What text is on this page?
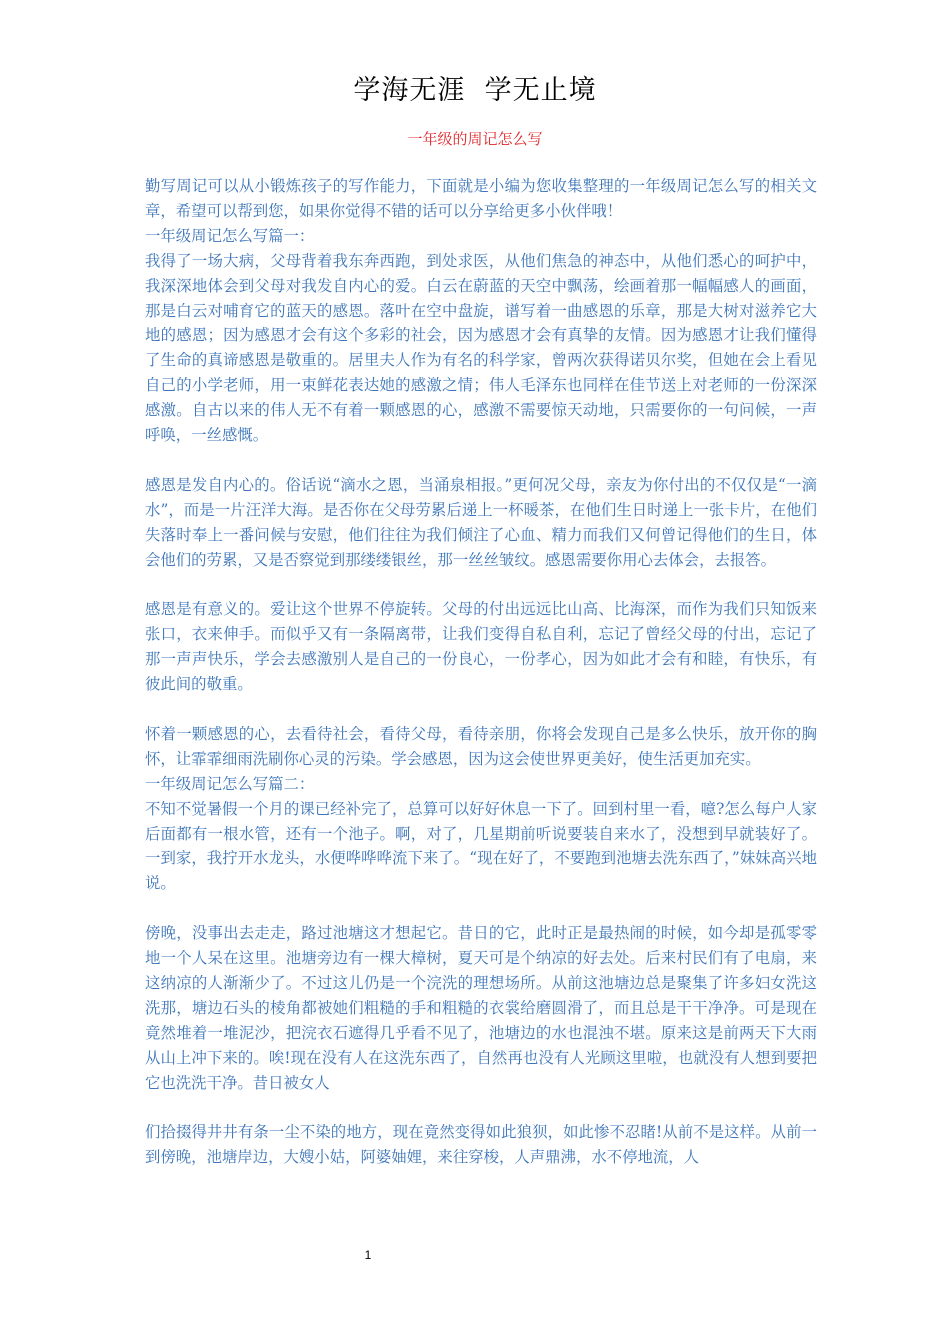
学海无涯  学无止境
一年级的周记怎么写

勤写周记可以从小锻炼孩子的写作能力，下面就是小编为您收集整理的一年级周记怎么写的相关文章，希望可以帮到您，如果你觉得不错的话可以分享给更多小伙伴哦！

一年级周记怎么写篇一：

我得了一场大病，父母背着我东奔西跑，到处求医，从他们焦急的神态中，从他们悉心的呵护中，我深深地体会到父母对我发自内心的爱。白云在蔚蓝的天空中飘荡，绘画着那一幅幅感人的画面，那是白云对哺育它的蓝天的感恩。落叶在空中盘旋，谱写着一曲感恩的乐章，那是大树对滋养它大地的感恩；因为感恩才会有这个多彩的社会，因为感恩才会有真挚的友情。因为感恩才让我们懂得了生命的真谛感恩是敬重的。居里夫人作为有名的科学家，曾两次获得诺贝尔奖，但她在会上看见自己的小学老师，用一束鲜花表达她的感激之情；伟人毛泽东也同样在佳节送上对老师的一份深深感激。自古以来的伟人无不有着一颗感恩的心，感激不需要惊天动地，只需要你的一句问候，一声呼唤，一丝感慨。

感恩是发自内心的。俗话说“滴水之恩，当涌泉相报。”更何况父母，亲友为你付出的不仅仅是“一滴水”，而是一片汪洋大海。是否你在父母劳累后递上一杯暖茶，在他们生日时递上一张卡片，在他们失落时奉上一番问候与安慰，他们往往为我们倾注了心血、精力而我们又何曾记得他们的生日，体会他们的劳累，又是否察觉到那缕缕银丝，那一丝丝皱纹。感恩需要你用心去体会，去报答。

感恩是有意义的。爱让这个世界不停旋转。父母的付出远远比山高、比海深，而作为我们只知饭来张口，衣来伸手。而似乎又有一条隔离带，让我们变得自私自利，忘记了曾经父母的付出，忘记了那一声声快乐，学会去感激别人是自己的一份良心，一份孝心，因为如此才会有和睦，有快乐，有彼此间的敬重。

怀着一颗感恩的心，去看待社会，看待父母，看待亲朋，你将会发现自己是多么快乐，放开你的胸怀，让霏霏细雨洗刷你心灵的污染。学会感恩，因为这会使世界更美好，使生活更加充实。

一年级周记怎么写篇二：

不知不觉暑假一个月的课已经补完了，总算可以好好休息一下了。回到村里一看，噫?怎么每户人家后面都有一根水管，还有一个池子。啊，对了，几星期前听说要装自来水了，没想到早就装好了。一到家，我拧开水龙头，水便哗哗哗流下来了。“现在好了，不要跑到池塘去洗东西了，”妹妹高兴地说。

傍晚，没事出去走走，路过池塘这才想起它。昔日的它，此时正是最热闹的时候，如今却是孤零零地一个人呆在这里。池塘旁边有一棵大樟树，夏天可是个纳凉的好去处。后来村民们有了电扇，来这纳凉的人渐渐少了。不过这儿仍是一个浣洗的理想场所。从前这池塘边总是聚集了许多妇女洗这洗那，塘边石头的棱角都被她们粗糙的手和粗糙的衣裳给磨圆滑了，而且总是干干净净。可是现在竟然堆着一堆泥沙，把浣衣石遮得几乎看不见了，池塘边的水也混浊不堪。原来这是前两天下大雨从山上冲下来的。唉!现在没有人在这洗东西了，自然再也没有人光顾这里啦，也就没有人想到要把它也洗洗干净。昔日被女人

们拾掇得井井有条一尘不染的地方，现在竟然变得如此狼狈，如此惨不忍睹!从前不是这样。从前一到傍晚，池塘岸边，大嫂小姑，阿婆妯娌，来往穿梭，人声鼎沸，水不停地流，人

1
